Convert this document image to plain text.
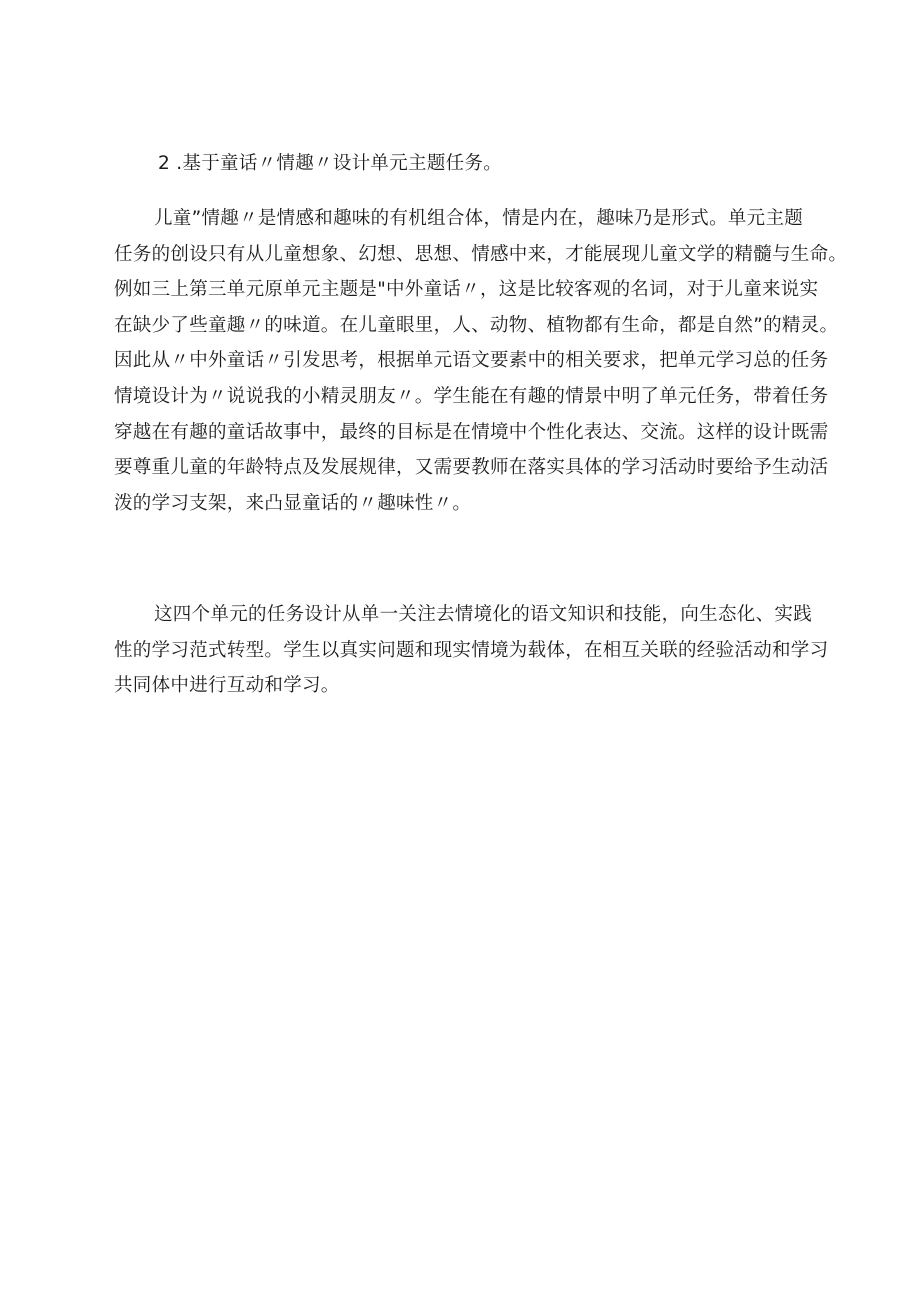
2 .基于童话〃情趣〃设计单元主题任务。

儿童”情趣〃是情感和趣味的有机组合体，情是内在，趣味乃是形式。单元主题
任务的创设只有从儿童想象、幻想、思想、情感中来，才能展现儿童文学的精髓与生命。
例如三上第三单元原单元主题是"中外童话〃，这是比较客观的名词，对于儿童来说实
在缺少了些童趣〃的味道。在儿童眼里，人、动物、植物都有生命，都是自然”的精灵。
因此从〃中外童话〃引发思考，根据单元语文要素中的相关要求，把单元学习总的任务
情境设计为〃说说我的小精灵朋友〃。学生能在有趣的情景中明了单元任务，带着任务
穿越在有趣的童话故事中，最终的目标是在情境中个性化表达、交流。这样的设计既需
要尊重儿童的年龄特点及发展规律，又需要教师在落实具体的学习活动时要给予生动活
泼的学习支架，来凸显童话的〃趣味性〃。

这四个单元的任务设计从单一关注去情境化的语文知识和技能，向生态化、实践
性的学习范式转型。学生以真实问题和现实情境为载体，在相互关联的经验活动和学习
共同体中进行互动和学习。
